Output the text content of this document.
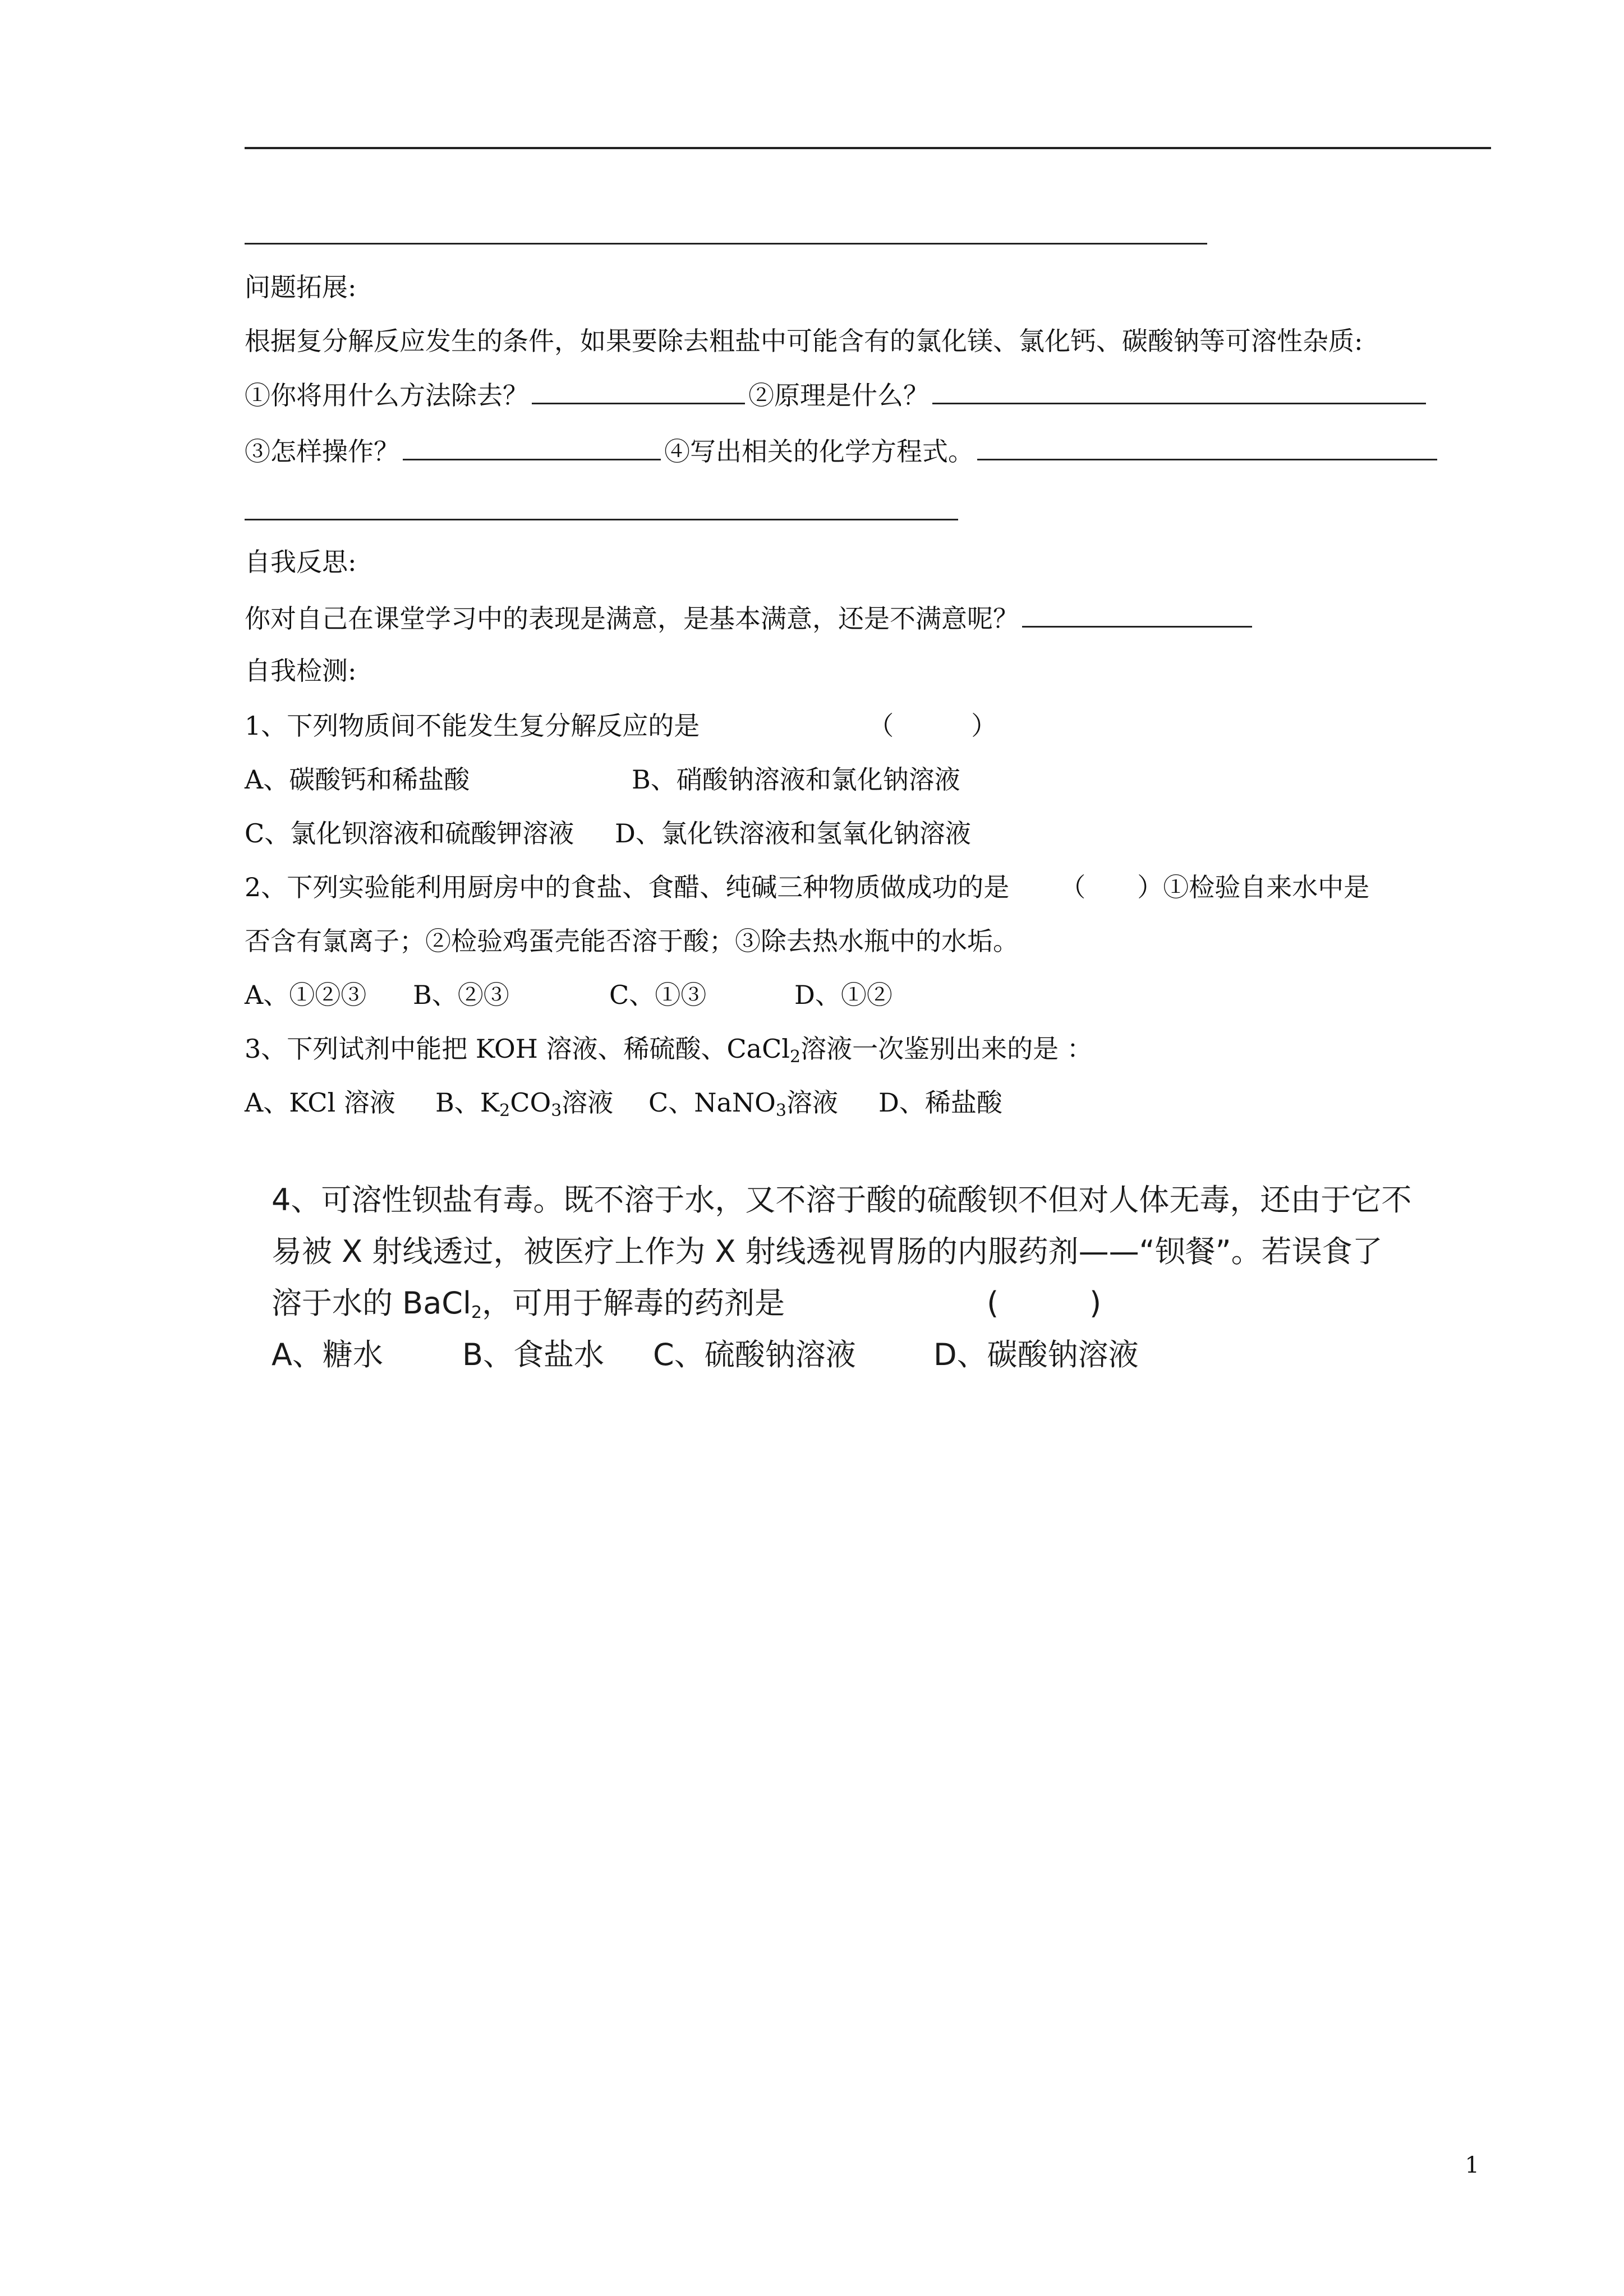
问题拓展:
根据复分解反应发生的条件，如果要除去粗盐中可能含有的氯化镁、氯化钙、碳酸钠等可溶性杂质:
①你将用什么方法除去？	②原理是什么？
③怎样操作？	④写出相关的化学方程式。
自我反思:
你对自己在课堂学习中的表现是满意，是基本满意，还是不满意呢？
自我检测:
1、下列物质间不能发生复分解反应的是	（　　　）
A、碳酸钙和稀盐酸	B、硝酸钠溶液和氯化钠溶液
C、氯化钡溶液和硫酸钾溶液 D、氯化铁溶液和氢氧化钠溶液
2、下列实验能利用厨房中的食盐、食醋、纯碱三种物质做成功的是 （　　）①检验自来水中是
否含有氯离子；②检验鸡蛋壳能否溶于酸；③除去热水瓶中的水垢。
A、①②③ B、②③	C、①③	D、①②
3、下列试剂中能把 KOH 溶液、稀硫酸、CaCl$_2$溶液一次鉴别出来的是 ：
A、KCl 溶液 B、$K_2CO_3$溶液 C、NaNO$_3$溶液 D、稀盐酸
4、可溶性钡盐有毒。既不溶于水，又不溶于酸的硫酸钡不但对人体无毒，还由于它不
易被 X 射线透过，被医疗上作为 X 射线透视胃肠的内服药剂——“钡餐”。若误食了
溶于水的 BaCl$_2$，可用于解毒的药剂是	(　　　)
A、糖水	B、食盐水 C、硫酸钠溶液	D、碳酸钠溶液
1
